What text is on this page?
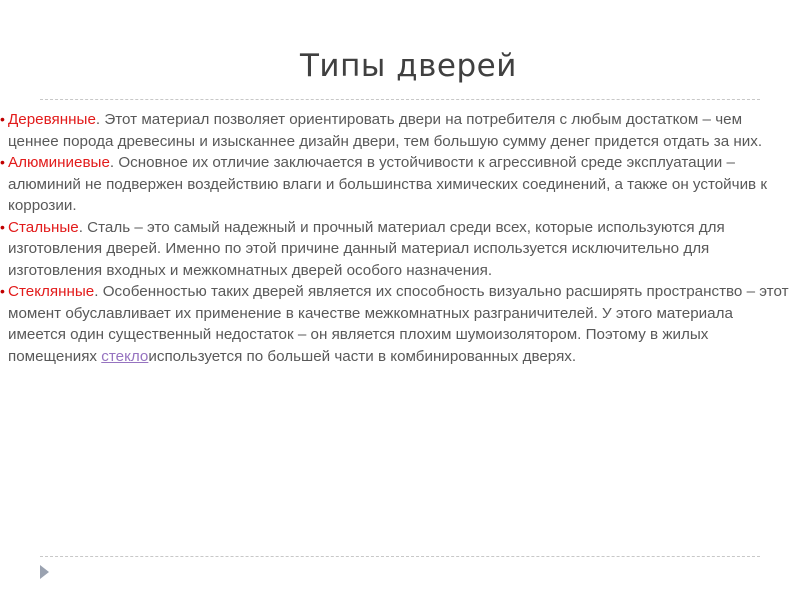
Типы дверей
• Деревянные. Этот материал позволяет ориентировать двери на потребителя с любым достатком – чем ценнее порода древесины и изысканнее дизайн двери, тем большую сумму денег придется отдать за них.
• Алюминиевые. Основное их отличие заключается в устойчивости к агрессивной среде эксплуатации – алюминий не подвержен воздействию влаги и большинства химических соединений, а также он устойчив к коррозии.
• Стальные. Сталь – это самый надежный и прочный материал среди всех, которые используются для изготовления дверей. Именно по этой причине данный материал используется исключительно для изготовления входных и межкомнатных дверей особого назначения.
• Стеклянные. Особенностью таких дверей является их способность визуально расширять пространство – этот момент обуславливает их применение в качестве межкомнатных разграничителей. У этого материала имеется один существенный недостаток – он является плохим шумоизолятором. Поэтому в жилых помещениях стеклоиспользуется по большей части в комбинированных дверях.
